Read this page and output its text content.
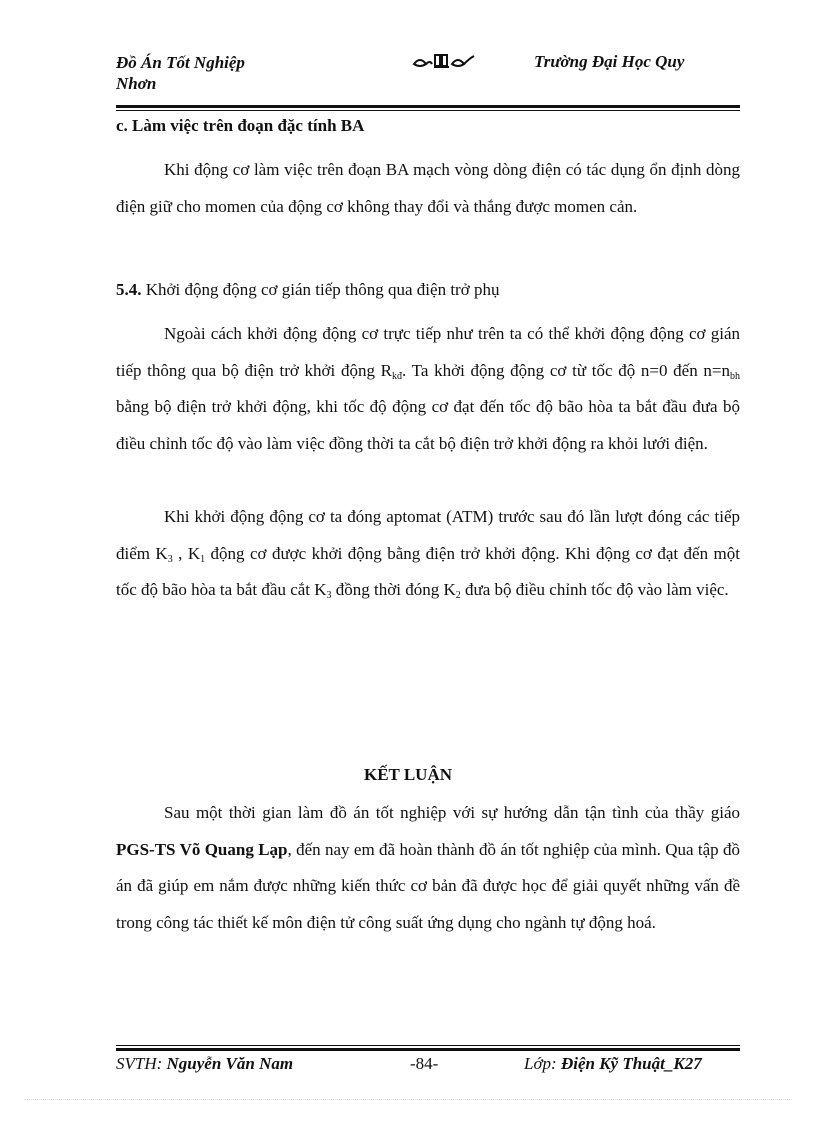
Đồ Án Tốt Nghiệp
Nhơn
Trường Đại Học Quy
c. Làm việc trên đoạn đặc tính BA
Khi động cơ làm việc trên đoạn BA mạch vòng dòng điện có tác dụng ổn định dòng điện giữ cho momen của động cơ không thay đổi và thắng được momen cản.
5.4. Khởi động động cơ gián tiếp thông qua điện trở phụ
Ngoài cách khởi động động cơ trực tiếp như trên ta có thể khởi động động cơ gián tiếp thông qua bộ điện trở khởi động $R_{kđ}$. Ta khởi động động cơ từ tốc độ n=0 đến $n=n_{bh}$ bằng bộ điện trở khởi động, khi tốc độ động cơ đạt đến tốc độ bão hòa ta bắt đầu đưa bộ điều chỉnh tốc độ vào làm việc đồng thời ta cắt bộ điện trở khởi động ra khỏi lưới điện.
Khi khởi động động cơ ta đóng aptomat (ATM) trước sau đó lần lượt đóng các tiếp điểm $K_3$ , $K_1$ động cơ được khởi động bằng điện trở khởi động. Khi động cơ đạt đến một tốc độ bão hòa ta bắt đầu cắt $K_3$ đồng thời đóng $K_2$ đưa bộ điều chỉnh tốc độ vào làm việc.
KẾT LUẬN
Sau một thời gian làm đồ án tốt nghiệp với sự hướng dẫn tận tình của thầy giáo PGS-TS Võ Quang Lạp, đến nay em đã hoàn thành đồ án tốt nghiệp của mình. Qua tập đồ án đã giúp em nắm được những kiến thức cơ bản đã được học để giải quyết những vấn đề trong công tác thiết kế môn điện tử công suất ứng dụng cho ngành tự động hoá.
SVTH: Nguyễn Văn Nam	-84-	Lớp: Điện Kỹ Thuật_K27
